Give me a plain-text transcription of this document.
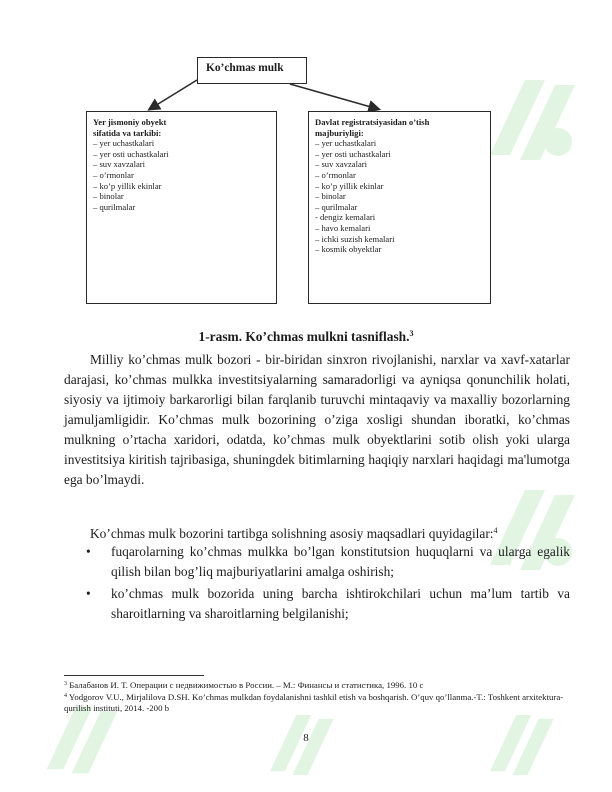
Ko’chmas mulk
Yer jismoniy obyekt
sifatida va tarkibi:
– yer uchastkalari
– yer osti uchastkalari
– suv xavzalari
– o’rmonlar
– ko’p yillik ekinlar
– binolar
– qurilmalar
Davlat registratsiyasidan o’tish
majburiyligi:
– yer uchastkalari
– yer osti uchastkalari
– suv xavzalari
– o’rmonlar
– ko’p yillik ekinlar
– binolar
– qurilmalar
- dengiz kemalari
– havo kemalari
– ichki suzish kemalari
– kosmik obyektlar
1-rasm. Ko’chmas mulkni tasniflash.$^3$

Milliy ko’chmas mulk bozori - bir-biridan sinxron rivojlanishi, narxlar va xavf-xatarlar darajasi, ko’chmas mulkka investitsiyalarning samaradorligi va ayniqsa qonunchilik holati, siyosiy va ijtimoiy barkarorligi bilan farqlanib turuvchi mintaqaviy va maxalliy bozorlarning jamuljamligidir. Ko’chmas mulk bozorining o’ziga xosligi shundan iboratki, ko’chmas mulkning o’rtacha xaridori, odatda, ko’chmas mulk obyektlarini sotib olish yoki ularga investitsiya kiritish tajribasiga, shuningdek bitimlarning haqiqiy narxlari haqidagi ma'lumotga ega bo’lmaydi.

Ko’chmas mulk bozorini tartibga solishning asosiy maqsadlari quyidagilar:$^4$

• fuqarolarning ko’chmas mulkka bo’lgan konstitutsion huquqlarni va ularga egalik qilish bilan bog’liq majburiyatlarini amalga oshirish;
• ko’chmas mulk bozorida uning barcha ishtirokchilari uchun ma’lum tartib va sharoitlarning va sharoitlarning belgilanishi;
$^3$ Балабанов И. Т. Операции с недвижимостью в России. – М.: Финансы и статистика, 1996. 10 с
$^4$ Yodgorov V.U., Mirjalilova D.SH. Ko’chmas mulkdan foydalanishni tashkil etish va boshqarish. O’quv qo’llanma.-T.: Toshkent arxitektura-qurilish instituti, 2014. -200 b
8
